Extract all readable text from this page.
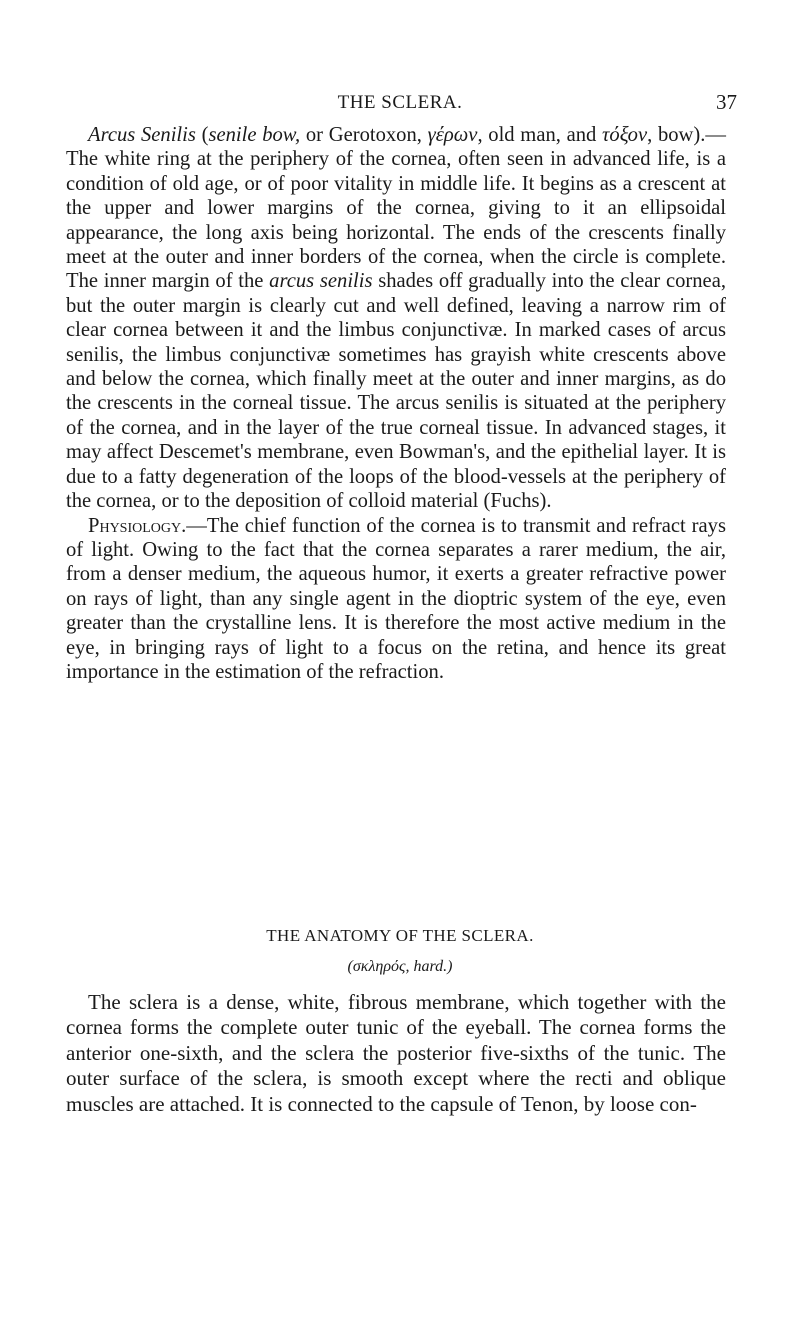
THE SCLERA.	37

Arcus Senilis (senile bow, or Gerotoxon, γέρων, old man, and τόξον, bow).—The white ring at the periphery of the cornea, often seen in advanced life, is a condition of old age, or of poor vitality in middle life. It begins as a crescent at the upper and lower margins of the cornea, giving to it an ellipsoidal appearance, the long axis being horizontal. The ends of the crescents finally meet at the outer and inner borders of the cornea, when the circle is complete. The inner margin of the arcus senilis shades off gradually into the clear cornea, but the outer margin is clearly cut and well defined, leaving a narrow rim of clear cornea between it and the limbus conjunctivæ. In marked cases of arcus senilis, the limbus conjunctivæ sometimes has grayish white crescents above and below the cornea, which finally meet at the outer and inner margins, as do the crescents in the corneal tissue. The arcus senilis is situated at the periphery of the cornea, and in the layer of the true corneal tissue. In advanced stages, it may affect Descemet's membrane, even Bowman's, and the epithelial layer. It is due to a fatty degeneration of the loops of the blood-vessels at the periphery of the cornea, or to the deposition of colloid material (Fuchs).

Physiology.—The chief function of the cornea is to transmit and refract rays of light. Owing to the fact that the cornea separates a rarer medium, the air, from a denser medium, the aqueous humor, it exerts a greater refractive power on rays of light, than any single agent in the dioptric system of the eye, even greater than the crystalline lens. It is therefore the most active medium in the eye, in bringing rays of light to a focus on the retina, and hence its great importance in the estimation of the refraction.

THE ANATOMY OF THE SCLERA.
(σκληρός, hard.)

The sclera is a dense, white, fibrous membrane, which together with the cornea forms the complete outer tunic of the eyeball. The cornea forms the anterior one-sixth, and the sclera the posterior five-sixths of the tunic. The outer surface of the sclera, is smooth except where the recti and oblique muscles are attached. It is connected to the capsule of Tenon, by loose con-
